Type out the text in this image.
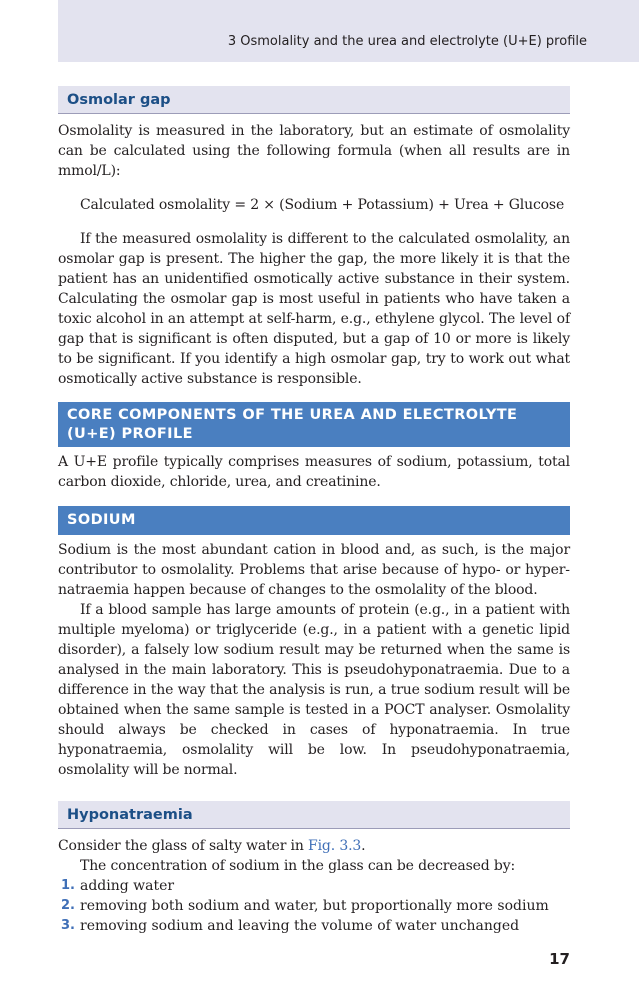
3 Osmolality and the urea and electrolyte (U+E) profile
Osmolar gap

Osmolality is measured in the laboratory, but an estimate of osmolality can be calculated using the following formula (when all results are in mmol/L):

Calculated osmolality = 2 × (Sodium + Potassium) + Urea + Glucose

If the measured osmolality is different to the calculated osmolality, an osmolar gap is present. The higher the gap, the more likely it is that the patient has an unidentified osmotically active substance in their system. Calculating the osmolar gap is most useful in patients who have taken a toxic alcohol in an attempt at self-harm, e.g., ethylene glycol. The level of gap that is significant is often disputed, but a gap of 10 or more is likely to be significant. If you identify a high osmolar gap, try to work out what osmotically active substance is responsible.

CORE COMPONENTS OF THE UREA AND ELECTROLYTE
(U+E) PROFILE

A U+E profile typically comprises measures of sodium, potassium, total carbon dioxide, chloride, urea, and creatinine.

SODIUM

Sodium is the most abundant cation in blood and, as such, is the major contributor to osmolality. Problems that arise because of hypo- or hypernatraemia happen because of changes to the osmolality of the blood.

If a blood sample has large amounts of protein (e.g., in a patient with multiple myeloma) or triglyceride (e.g., in a patient with a genetic lipid disorder), a falsely low sodium result may be returned when the same is analysed in the main laboratory. This is pseudohyponatraemia. Due to a difference in the way that the analysis is run, a true sodium result will be obtained when the same sample is tested in a POCT analyser. Osmolality should always be checked in cases of hyponatraemia. In true hyponatraemia, osmolality will be low. In pseudohyponatraemia, osmolality will be normal.

Hyponatraemia

Consider the glass of salty water in Fig. 3.3.

The concentration of sodium in the glass can be decreased by:

1. adding water
2. removing both sodium and water, but proportionally more sodium
3. removing sodium and leaving the volume of water unchanged
17
